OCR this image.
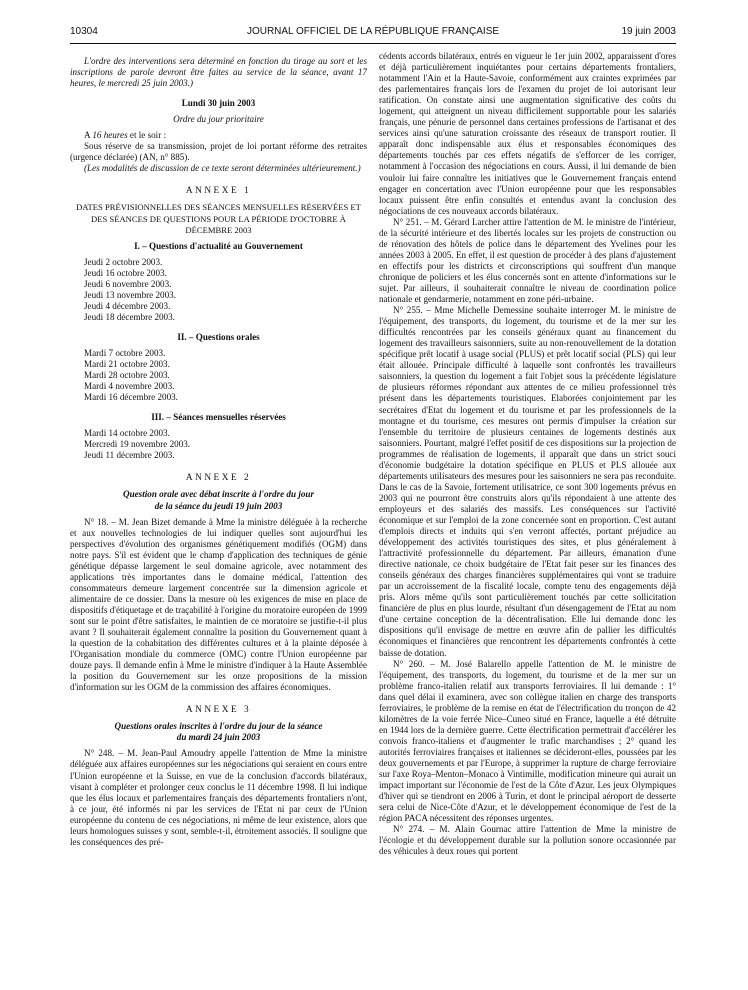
10304	JOURNAL OFFICIEL DE LA RÉPUBLIQUE FRANÇAISE	19 juin 2003

L'ordre des interventions sera déterminé en fonction du tirage au sort et les inscriptions de parole devront être faites au service de la séance, avant 17 heures, le mercredi 25 juin 2003.)

Lundi 30 juin 2003

Ordre du jour prioritaire

A 16 heures et le soir :

Sous réserve de sa transmission, projet de loi portant réforme des retraites (urgence déclarée) (AN, n° 885).

(Les modalités de discussion de ce texte seront déterminées ultérieurement.)

ANNEXE 1

DATES PRÉVISIONNELLES DES SÉANCES MENSUELLES RÉSERVÉES ET DES SÉANCES DE QUESTIONS POUR LA PÉRIODE D'OCTOBRE À DÉCEMBRE 2003

I. – Questions d'actualité au Gouvernement

Jeudi 2 octobre 2003.
Jeudi 16 octobre 2003.
Jeudi 6 novembre 2003.
Jeudi 13 novembre 2003.
Jeudi 4 décembre 2003.
Jeudi 18 décembre 2003.

II. – Questions orales

Mardi 7 octobre 2003.
Mardi 21 octobre 2003.
Mardi 28 octobre 2003.
Mardi 4 novembre 2003.
Mardi 16 décembre 2003.

III. – Séances mensuelles réservées

Mardi 14 octobre 2003.
Mercredi 19 novembre 2003.
Jeudi 11 décembre 2003.

ANNEXE 2

Question orale avec débat inscrite à l'ordre du jour

de la séance du jeudi 19 juin 2003

N° 18. – M. Jean Bizet demande à Mme la ministre déléguée à la recherche et aux nouvelles technologies de lui indiquer quelles sont aujourd'hui les perspectives d'évolution des organismes génétiquement modifiés (OGM) dans notre pays. S'il est évident que le champ d'application des techniques de génie génétique dépasse largement le seul domaine agricole, avec notamment des applications très importantes dans le domaine médical, l'attention des consommateurs demeure largement concentrée sur la dimension agricole et alimentaire de ce dossier. Dans la mesure où les exigences de mise en place de dispositifs d'étiquetage et de traçabilité à l'origine du moratoire européen de 1999 sont sur le point d'être satisfaites, le maintien de ce moratoire se justifie-t-il plus avant ? Il souhaiterait également connaître la position du Gouvernement quant à la question de la cohabitation des différentes cultures et à la plainte déposée à l'Organisation mondiale du commerce (OMC) contre l'Union européenne par douze pays. Il demande enfin à Mme le ministre d'indiquer à la Haute Assemblée la position du Gouvernement sur les onze propositions de la mission d'information sur les OGM de la commission des affaires économiques.

ANNEXE 3

Questions orales inscrites à l'ordre du jour de la séance

du mardi 24 juin 2003

N° 248. – M. Jean-Paul Amoudry appelle l'attention de Mme la ministre déléguée aux affaires européennes sur les négociations qui seraient en cours entre l'Union européenne et la Suisse, en vue de la conclusion d'accords bilatéraux, visant à compléter et prolonger ceux conclus le 11 décembre 1998. Il lui indique que les élus locaux et parlementaires français des départements frontaliers n'ont, à ce jour, été informés ni par les services de l'Etat ni par ceux de l'Union européenne du contenu de ces négociations, ni même de leur existence, alors que leurs homologues suisses y sont, semble-t-il, étroitement associés. Il souligne que les conséquences des pré-

cédents accords bilatéraux, entrés en vigueur le 1er juin 2002, apparaissent d'ores et déjà particulièrement inquiétantes pour certains départements frontaliers, notamment l'Ain et la Haute-Savoie, conformément aux craintes exprimées par des parlementaires français lors de l'examen du projet de loi autorisant leur ratification. On constate ainsi une augmentation significative des coûts du logement, qui atteignent un niveau difficilement supportable pour les salariés français, une pénurie de personnel dans certaines professions de l'artisanat et des services ainsi qu'une saturation croissante des réseaux de transport routier. Il apparaît donc indispensable aux élus et responsables économiques des départements touchés par ces effets négatifs de s'efforcer de les corriger, notamment à l'occasion des négociations en cours. Aussi, il lui demande de bien vouloir lui faire connaître les initiatives que le Gouvernement français entend engager en concertation avec l'Union européenne pour que les responsables locaux puissent être enfin consultés et entendus avant la conclusion des négociations de ces nouveaux accords bilatéraux.

N° 251. – M. Gérard Larcher attire l'attention de M. le ministre de l'intérieur, de la sécurité intérieure et des libertés locales sur les projets de construction ou de rénovation des hôtels de police dans le département des Yvelines pour les années 2003 à 2005. En effet, il est question de procéder à des plans d'ajustement en effectifs pour les districts et circonscriptions qui souffrent d'un manque chronique de policiers et les élus concernés sont en attente d'informations sur le sujet. Par ailleurs, il souhaiterait connaître le niveau de coordination police nationale et gendarmerie, notamment en zone péri-urbaine.

N° 255. – Mme Michelle Demessine souhaite interroger M. le ministre de l'équipement, des transports, du logement, du tourisme et de la mer sur les difficultés rencontrées par les conseils généraux quant au financement du logement des travailleurs saisonniers, suite au non-renouvellement de la dotation spécifique prêt locatif à usage social (PLUS) et prêt locatif social (PLS) qui leur était allouée. Principale difficulté à laquelle sont confrontés les travailleurs saisonniers, la question du logement a fait l'objet sous la précédente législature de plusieurs réformes répondant aux attentes de ce milieu professionnel très présent dans les départements touristiques. Elaborées conjointement par les secrétaires d'Etat du logement et du tourisme et par les professionnels de la montagne et du tourisme, ces mesures ont permis d'impulser la création sur l'ensemble du territoire de plusieurs centaines de logements destinés aux saisonniers. Pourtant, malgré l'effet positif de ces dispositions sur la projection de programmes de réalisation de logements, il apparaît que dans un strict souci d'économie budgétaire la dotation spécifique en PLUS et PLS allouée aux départements utilisateurs des mesures pour les saisonniers ne sera pas reconduite. Dans le cas de la Savoie, fortement utilisatrice, ce sont 300 logements prévus en 2003 qui ne pourront être construits alors qu'ils répondaient à une attente des employeurs et des salariés des massifs. Les conséquences sur l'activité économique et sur l'emploi de la zone concernée sont en proportion. C'est autant d'emplois directs et induits qui s'en verront affectés, portant préjudice au développement des activités touristiques des sites, et plus généralement à l'attractivité professionnelle du département. Par ailleurs, émanation d'une directive nationale, ce choix budgétaire de l'Etat fait peser sur les finances des conseils généraux des charges financières supplémentaires qui vont se traduire par un accroissement de la fiscalité locale, compte tenu des engagements déjà pris. Alors même qu'ils sont particulièrement touchés par cette sollicitation financière de plus en plus lourde, résultant d'un désengagement de l'Etat au nom d'une certaine conception de la décentralisation. Elle lui demande donc les dispositions qu'il envisage de mettre en œuvre afin de pallier les difficultés économiques et financières que rencontrent les départements confrontés à cette baisse de dotation.

N° 260. – M. José Balarello appelle l'attention de M. le ministre de l'équipement, des transports, du logement, du tourisme et de la mer sur un problème franco-italien relatif aux transports ferroviaires. Il lui demande : 1° dans quel délai il examinera, avec son collègue italien en charge des transports ferroviaires, le problème de la remise en état de l'électrification du tronçon de 42 kilomètres de la voie ferrée Nice–Cuneo situé en France, laquelle a été détruite en 1944 lors de la dernière guerre. Cette électrification permettrait d'accélérer les convois franco-italiens et d'augmenter le trafic marchandises ; 2° quand les autorités ferroviaires françaises et italiennes se décideront-elles, poussées par les deux gouvernements et par l'Europe, à supprimer la rupture de charge ferroviaire sur l'axe Roya–Menton–Monaco à Vintimille, modification mineure qui aurait un impact important sur l'économie de l'est de la Côte d'Azur. Les jeux Olympiques d'hiver qui se tiendront en 2006 à Turin, et dont le principal aéroport de desserte sera celui de Nice-Côte d'Azur, et le développement économique de l'est de la région PACA nécessitent des réponses urgentes.

N° 274. – M. Alain Gournac attire l'attention de Mme la ministre de l'écologie et du développement durable sur la pollution sonore occasionnée par des véhicules à deux roues qui portent
